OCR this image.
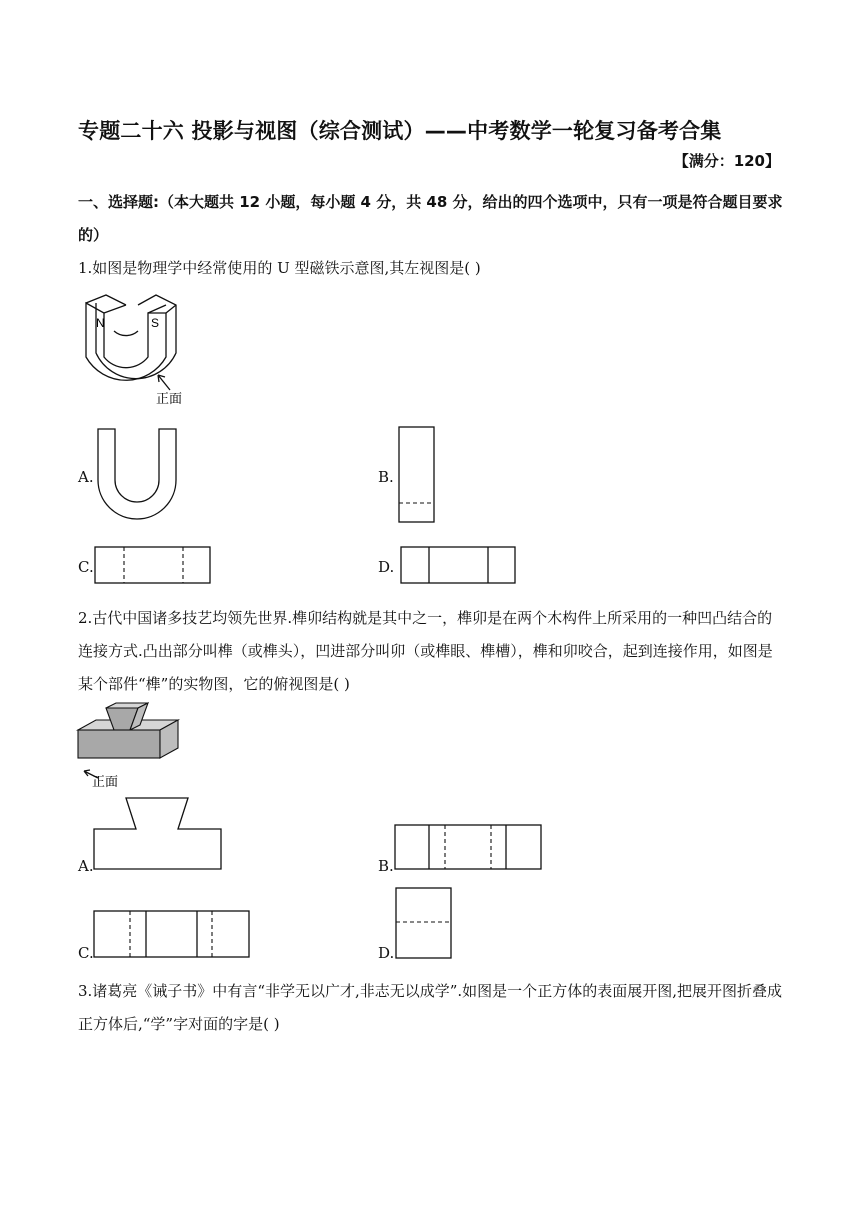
专题二十六 投影与视图（综合测试）——中考数学一轮复习备考合集
【满分：120】
一、选择题:（本大题共 12 小题，每小题 4 分，共 48 分，给出的四个选项中，只有一项是符合题目要求的）
1.如图是物理学中经常使用的 U 型磁铁示意图,其左视图是( )
N	S
正面
A.	B.
C.	D.
2.古代中国诸多技艺均领先世界.榫卯结构就是其中之一，榫卯是在两个木构件上所采用的一种凹凸结合的连接方式.凸出部分叫榫（或榫头），凹进部分叫卯（或榫眼、榫槽），榫和卯咬合，起到连接作用，如图是某个部件“榫”的实物图，它的俯视图是( )
正面
A.	B.
C.	D.
3.诸葛亮《诫子书》中有言“非学无以广才,非志无以成学”.如图是一个正方体的表面展开图,把展开图折叠成正方体后,“学”字对面的字是( )
